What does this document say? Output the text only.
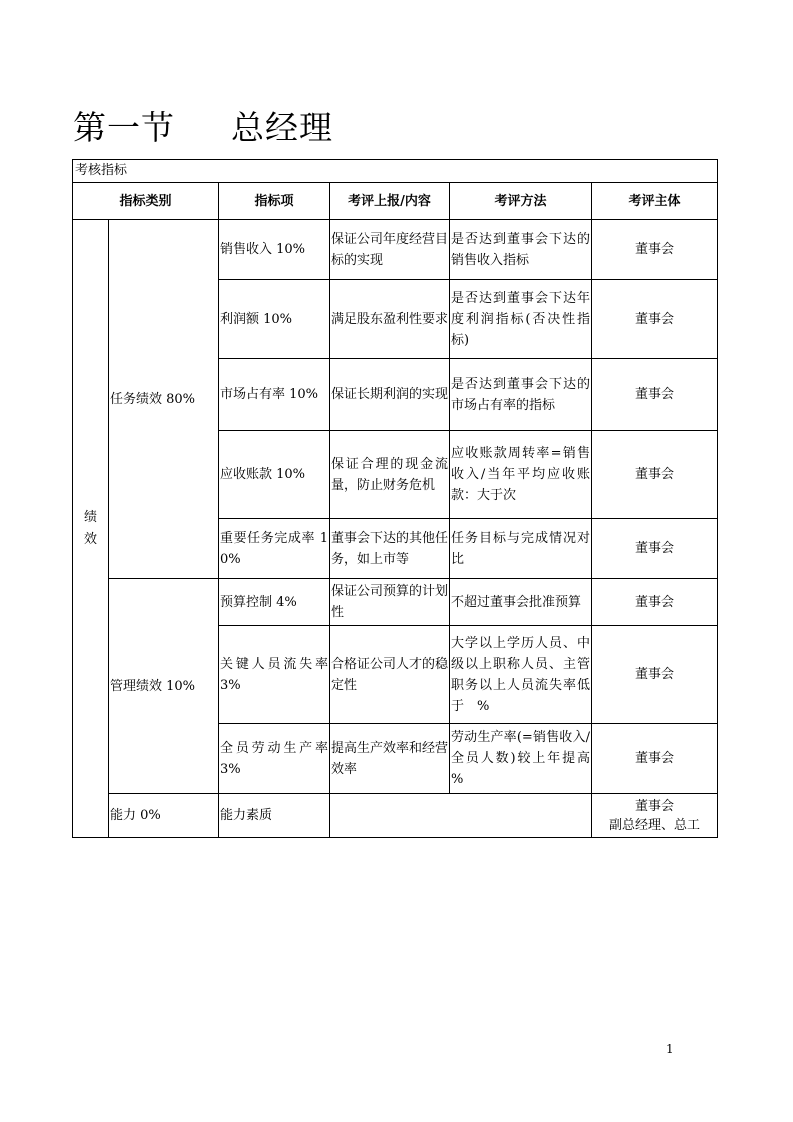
第一节 总经理
考核指标					
指标类别		指标项	考评上报/内容	考评方法	考评主体

绩
效	任务绩效 80%	销售收入 10%	保证公司年度经营目标的实现	是否达到董事会下达的销售收入指标	董事会
		利润额 10%	满足股东盈利性要求	是否达到董事会下达年度利润指标(否决性指标)	董事会
		市场占有率 10%	保证长期利润的实现	是否达到董事会下达的市场占有率的指标	董事会
		应收账款 10%	保证合理的现金流量，防止财务危机	应收账款周转率=销售收入/当年平均应收账款：大于次	董事会
		重要任务完成率 10%	董事会下达的其他任务，如上市等	任务目标与完成情况对比	董事会
	管理绩效 10%	预算控制 4%	保证公司预算的计划性	不超过董事会批准预算	董事会
		关键人员流失率 3%	合格证公司人才的稳定性	大学以上学历人员、中级以上职称人员、主管职务以上人员流失率低于　%	董事会
		全员劳动生产率 3%	提高生产效率和经营效率	劳动生产率(=销售收入/全员人数)较上年提高　　%	董事会
	能力 0%	能力素质			董事会
副总经理、总工
1
